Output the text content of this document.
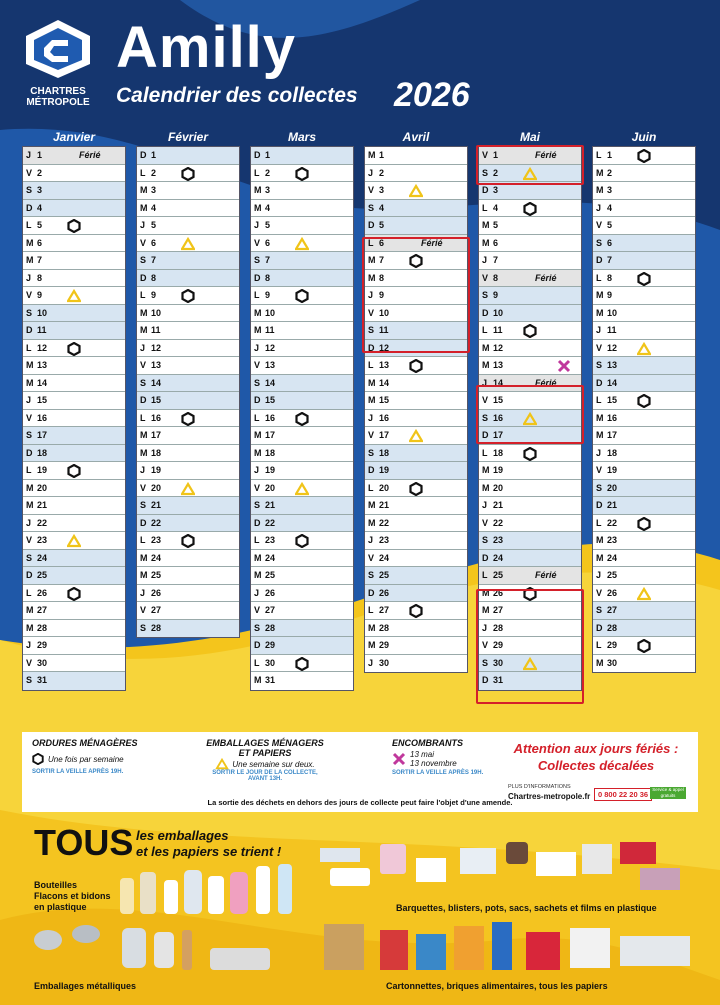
CHARTRES
MÉTROPOLE
Amilly
Calendrier des collectes 2026
Janvier
J 1	Férié
V 2
S 3
D 4
L 5
M 6
M 7
J 8
V 9
S 10
D 11
L 12
M 13
M 14
J 15
V 16
S 17
D 18
L 19
M 20
M 21
J 22
V 23
S 24
D 25
L 26
M 27
M 28
J 29
V 30
S 31
Février
D 1
L 2
M 3
M 4
J 5
V 6
S 7
D 8
L 9
M 10
M 11
J 12
V 13
S 14
D 15
L 16
M 17
M 18
J 19
V 20
S 21
D 22
L 23
M 24
M 25
J 26
V 27
S 28
Mars
D 1
L 2
M 3
M 4
J 5
V 6
S 7
D 8
L 9
M 10
M 11
J 12
V 13
S 14
D 15
L 16
M 17
M 18
J 19
V 20
S 21
D 22
L 23
M 24
M 25
J 26
V 27
S 28
D 29
L 30
M 31
Avril
M 1
J 2
V 3
S 4
D 5
L 6	Férié
M 7
M 8
J 9
V 10
S 11
D 12
L 13
M 14
M 15
J 16
V 17
S 18
D 19
L 20
M 21
M 22
J 23
V 24
S 25
D 26
L 27
M 28
M 29
J 30
Mai
V 1	Férié
S 2
D 3
L 4
M 5
M 6
J 7
V 8	Férié
S 9
D 10
L 11
M 12
M 13
J 14	Férié
V 15
S 16
D 17
L 18
M 19
M 20
J 21
V 22
S 23
D 24
L 25	Férié
M 26
M 27
J 28
V 29
S 30
D 31
Juin
L 1
M 2
M 3
J 4
V 5
S 6
D 7
L 8
M 9
M 10
J 11
V 12
S 13
D 14
L 15
M 16
M 17
J 18
V 19
S 20
D 21
L 22
M 23
M 24
J 25
V 26
S 27
D 28
L 29
M 30
ORDURES MÉNAGÈRES
Une fois par semaine
SORTIR LA VEILLE APRÈS 19H.
EMBALLAGES MÉNAGERS
ET PAPIERS
Une semaine sur deux.
SORTIR LE JOUR DE LA COLLECTE,
AVANT 13H.
ENCOMBRANTS
13 mai
13 novembre
SORTIR LA VEILLE APRÈS 19H.
Attention aux jours fériés :
Collectes décalées
PLUS D'INFORMATIONS
Chartres-metropole.fr	0 800 22 20 36
Service & appel gratuits
La sortie des déchets en dehors des jours de collecte peut faire l'objet d'une amende.
TOUS les emballages
et les papiers se trient !
Bouteilles
Flacons et bidons
en plastique	Barquettes, blisters, pots, sacs, sachets et films en plastique
Emballages métalliques	Cartonnettes, briques alimentaires, tous les papiers
